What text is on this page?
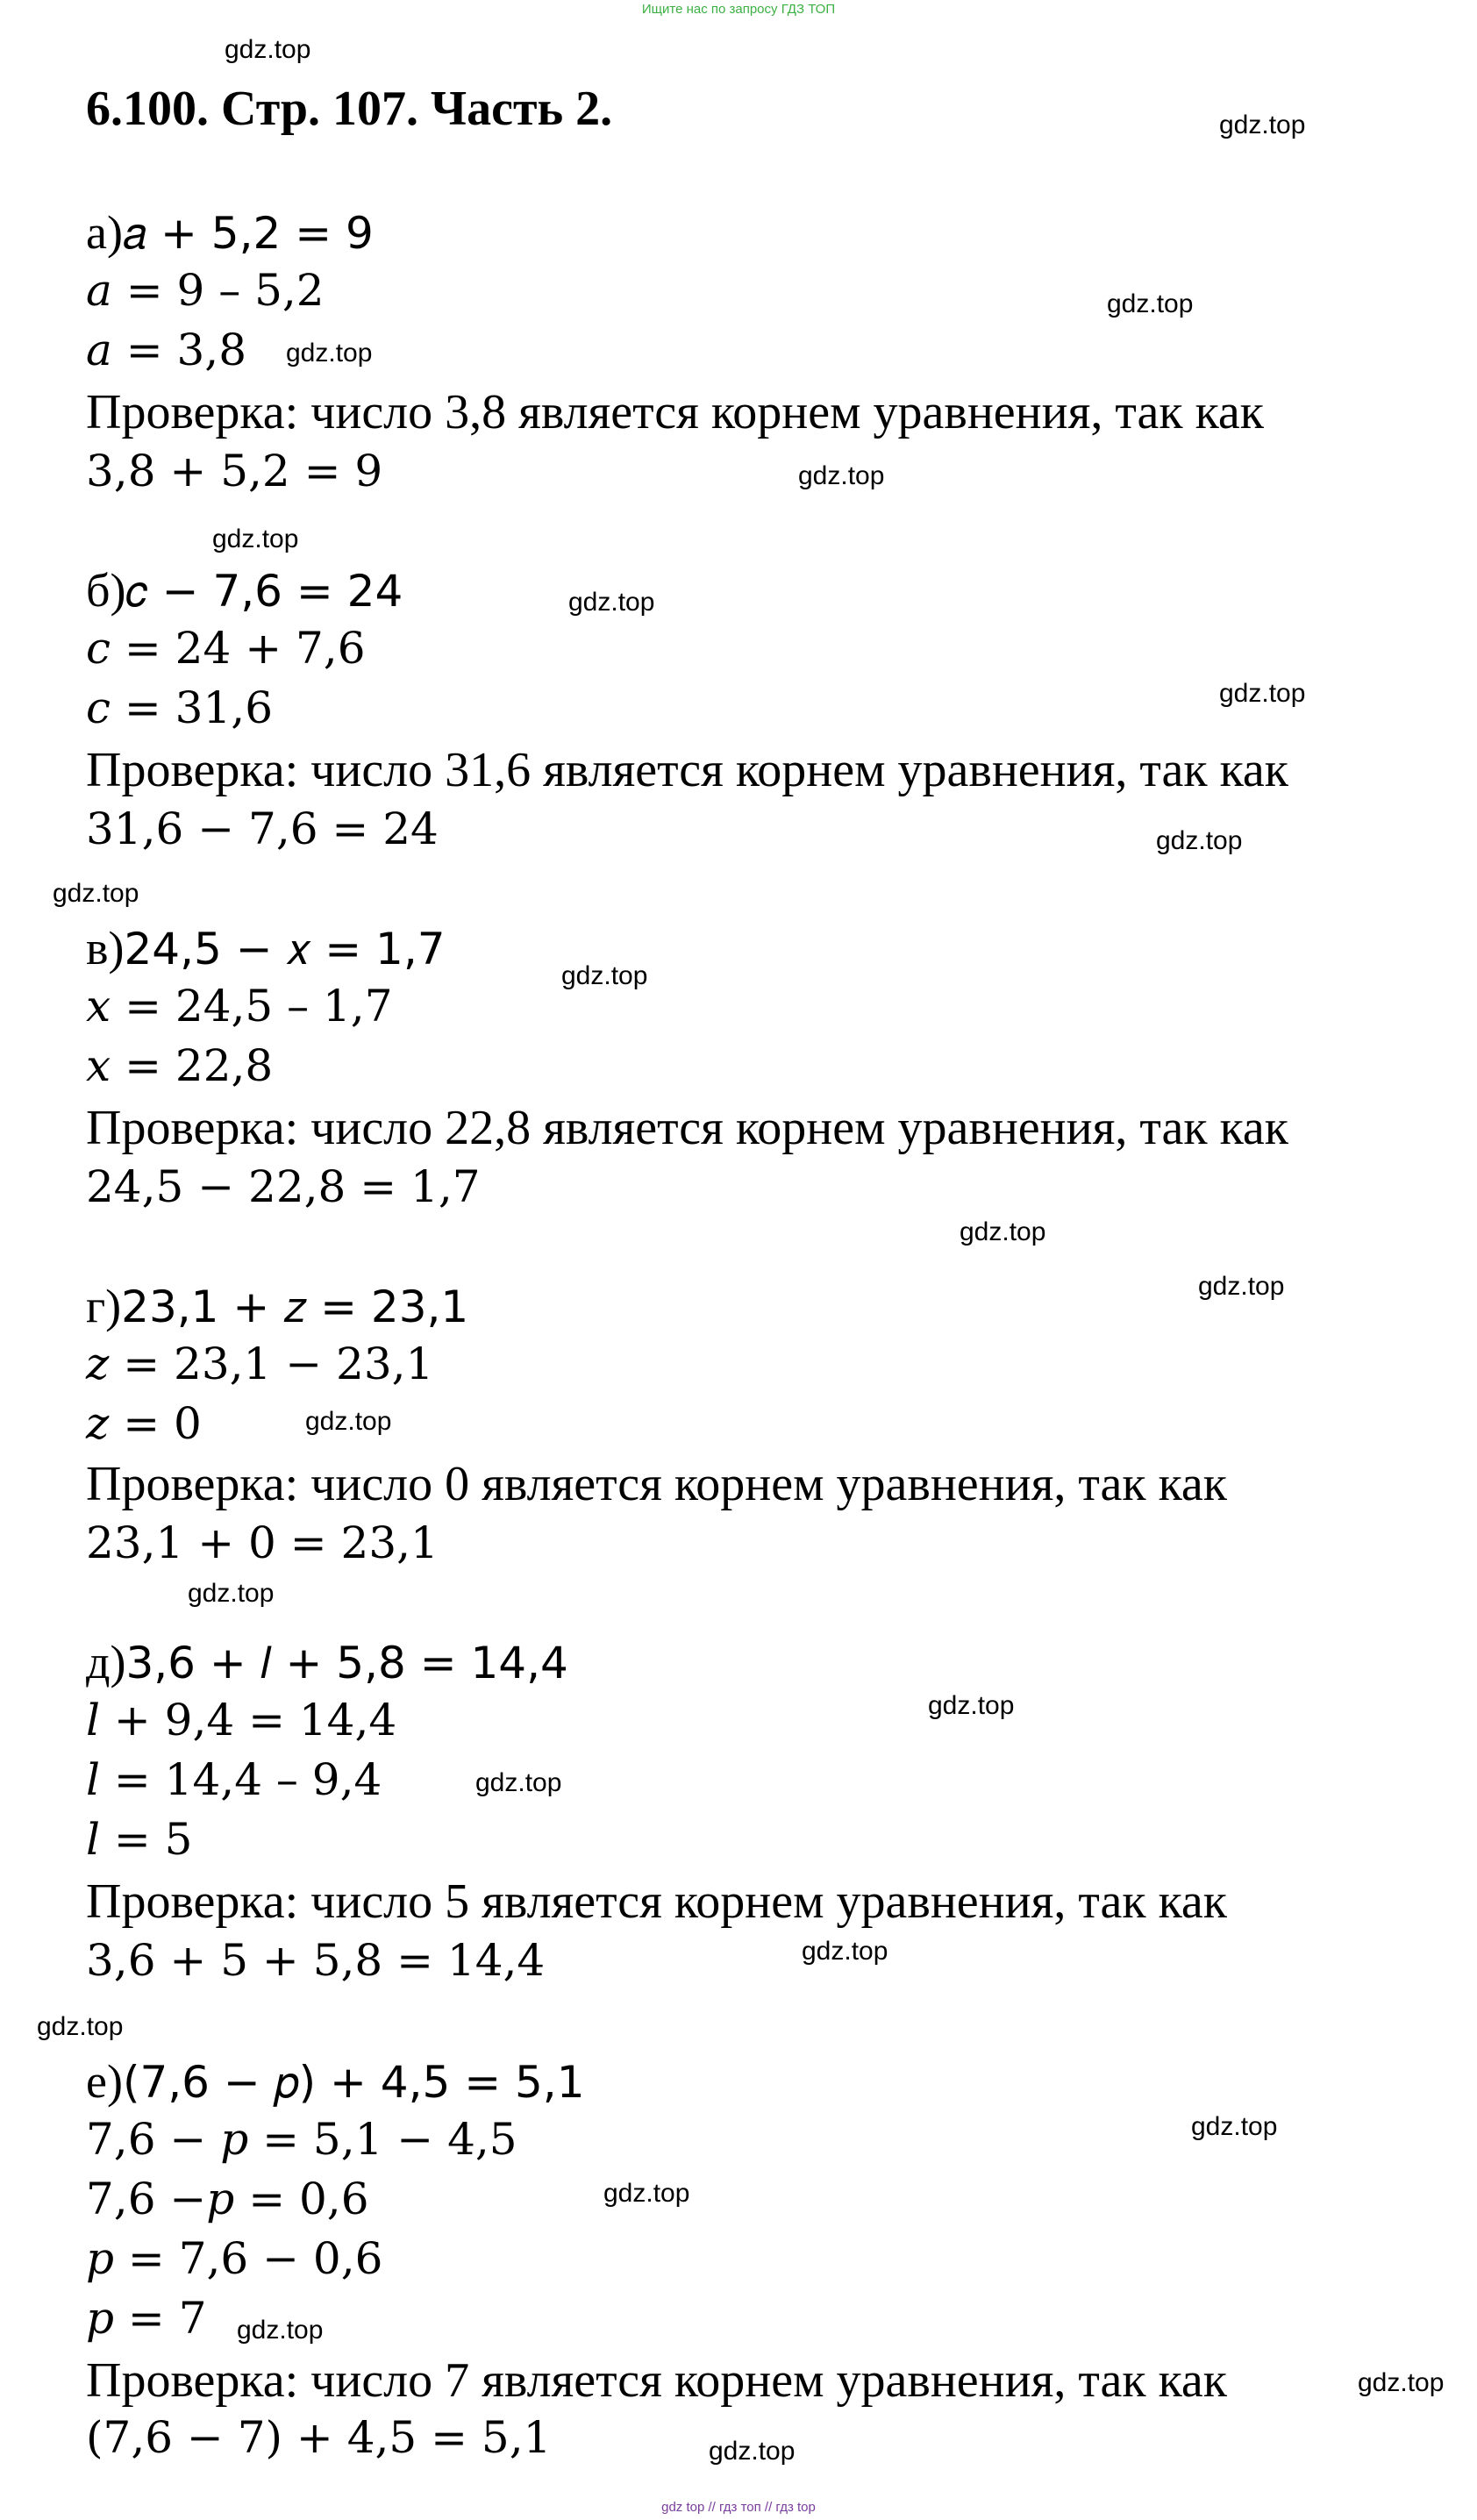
Ищите нас по запросу ГДЗ ТОП
6.100. Стр. 107. Часть 2.
а)𝑎 + 5,2 = 9
𝑎 = 9 – 5,2
𝑎 = 3,8
Проверка: число 3,8 является корнем уравнения, так как
3,8 + 5,2 = 9
б)𝑐 − 7,6 = 24
𝑐 = 24 + 7,6
𝑐 = 31,6
Проверка: число 31,6 является корнем уравнения, так как
31,6 − 7,6 = 24
в)24,5 − 𝑥 = 1,7
𝑥 = 24,5 – 1,7
𝑥 = 22,8
Проверка: число 22,8 является корнем уравнения, так как
24,5 − 22,8 = 1,7
г)23,1 + 𝑧 = 23,1
𝑧 = 23,1 − 23,1
𝑧 = 0
Проверка: число 0 является корнем уравнения, так как
23,1 + 0 = 23,1
д)3,6 + 𝑙 + 5,8 = 14,4
𝑙 + 9,4 = 14,4
𝑙 = 14,4 – 9,4
𝑙 = 5
Проверка: число 5 является корнем уравнения, так как
3,6 + 5 + 5,8 = 14,4
е)(7,6 − 𝑝) + 4,5 = 5,1
7,6 − 𝑝 = 5,1 − 4,5
7,6 −𝑝 = 0,6
𝑝 = 7,6 − 0,6
𝑝 = 7
Проверка: число 7 является корнем уравнения, так как
(7,6 − 7) + 4,5 = 5,1
gdz.top
gdz.top
gdz.top
gdz.top
gdz.top
gdz.top
gdz.top
gdz.top
gdz.top
gdz.top
gdz.top
gdz.top
gdz.top
gdz.top
gdz.top
gdz.top
gdz.top
gdz.top
gdz.top
gdz.top
gdz.top
gdz.top
gdz.top
gdz.top
gdz top // гдз топ // гдз top
